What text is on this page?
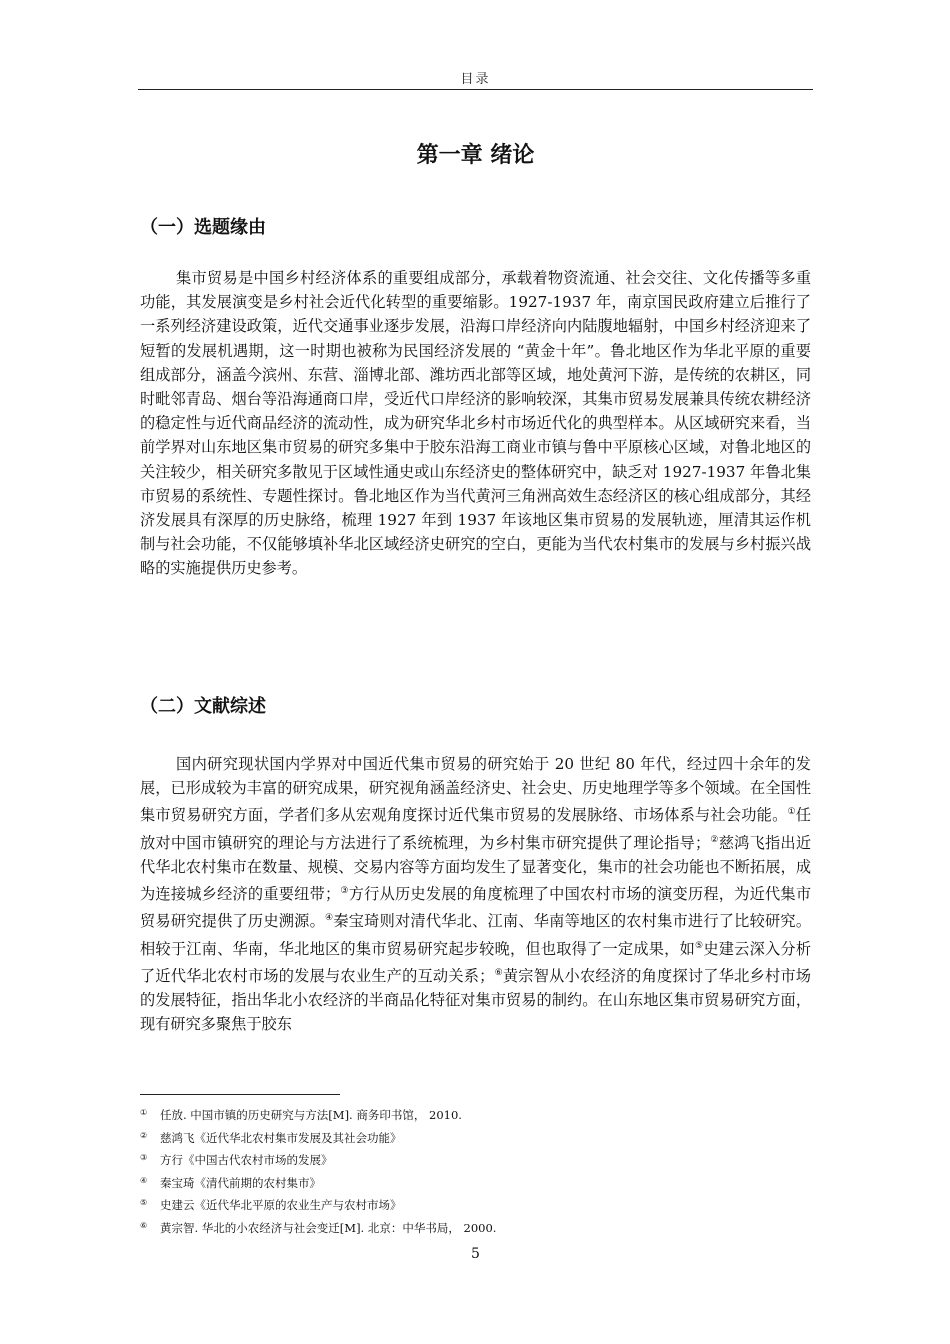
目录
第一章 绪论
（一）选题缘由

集市贸易是中国乡村经济体系的重要组成部分，承载着物资流通、社会交往、文化传播等多重功能，其发展演变是乡村社会近代化转型的重要缩影。1927-1937 年，南京国民政府建立后推行了一系列经济建设政策，近代交通事业逐步发展，沿海口岸经济向内陆腹地辐射，中国乡村经济迎来了短暂的发展机遇期，这一时期也被称为民国经济发展的 “黄金十年”。鲁北地区作为华北平原的重要组成部分，涵盖今滨州、东营、淄博北部、潍坊西北部等区域，地处黄河下游，是传统的农耕区，同时毗邻青岛、烟台等沿海通商口岸，受近代口岸经济的影响较深，其集市贸易发展兼具传统农耕经济的稳定性与近代商品经济的流动性，成为研究华北乡村市场近代化的典型样本。从区域研究来看，当前学界对山东地区集市贸易的研究多集中于胶东沿海工商业市镇与鲁中平原核心区域，对鲁北地区的关注较少，相关研究多散见于区域性通史或山东经济史的整体研究中，缺乏对 1927-1937 年鲁北集市贸易的系统性、专题性探讨。鲁北地区作为当代黄河三角洲高效生态经济区的核心组成部分，其经济发展具有深厚的历史脉络，梳理 1927 年到 1937 年该地区集市贸易的发展轨迹，厘清其运作机制与社会功能，不仅能够填补华北区域经济史研究的空白，更能为当代农村集市的发展与乡村振兴战略的实施提供历史参考。

（二）文献综述

国内研究现状国内学界对中国近代集市贸易的研究始于 20 世纪 80 年代，经过四十余年的发展，已形成较为丰富的研究成果，研究视角涵盖经济史、社会史、历史地理学等多个领域。在全国性集市贸易研究方面，学者们多从宏观角度探讨近代集市贸易的发展脉络、市场体系与社会功能。①任放对中国市镇研究的理论与方法进行了系统梳理，为乡村集市研究提供了理论指导；②慈鸿飞指出近代华北农村集市在数量、规模、交易内容等方面均发生了显著变化，集市的社会功能也不断拓展，成为连接城乡经济的重要纽带；③方行从历史发展的角度梳理了中国农村市场的演变历程，为近代集市贸易研究提供了历史溯源。④秦宝琦则对清代华北、江南、华南等地区的农村集市进行了比较研究。相较于江南、华南，华北地区的集市贸易研究起步较晚，但也取得了一定成果，如⑤史建云深入分析了近代华北农村市场的发展与农业生产的互动关系；⑥黄宗智从小农经济的角度探讨了华北乡村市场的发展特征，指出华北小农经济的半商品化特征对集市贸易的制约。在山东地区集市贸易研究方面，现有研究多聚焦于胶东

① 任放. 中国市镇的历史研究与方法[M]. 商务印书馆， 2010.
② 慈鸿飞《近代华北农村集市发展及其社会功能》
③ 方行《中国古代农村市场的发展》
④ 秦宝琦《清代前期的农村集市》
⑤ 史建云《近代华北平原的农业生产与农村市场》
⑥ 黄宗智. 华北的小农经济与社会变迁[M]. 北京：中华书局， 2000.
5
